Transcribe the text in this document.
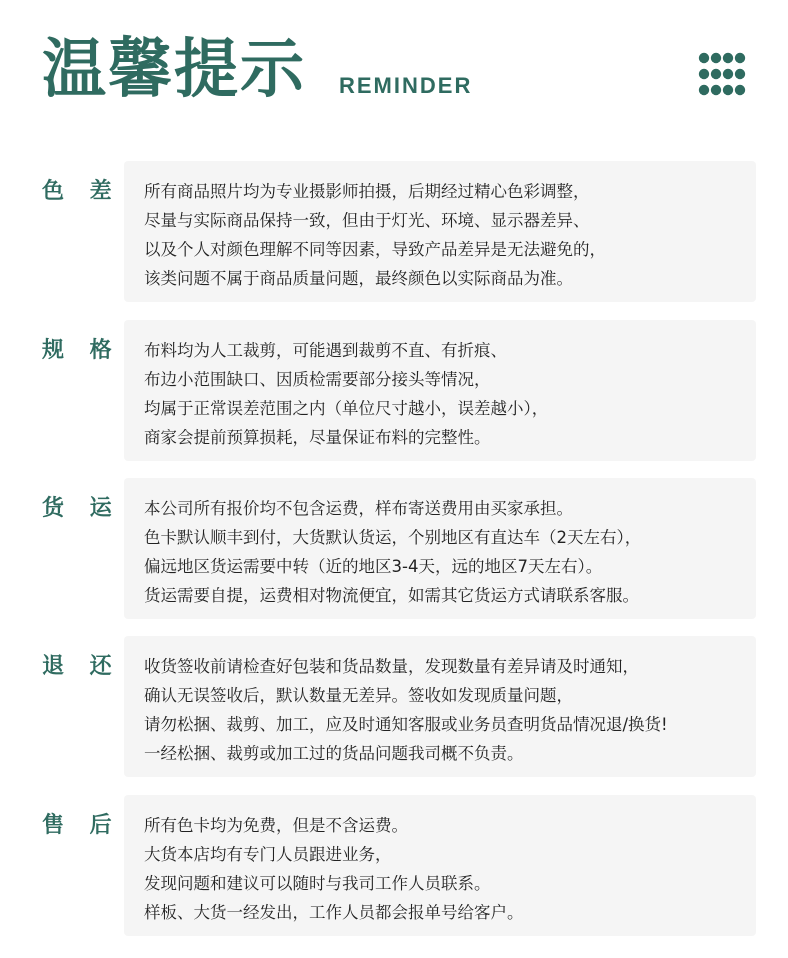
温馨提示 REMINDER
色 差 所有商品照片均为专业摄影师拍摄，后期经过精心色彩调整，
尽量与实际商品保持一致，但由于灯光、环境、显示器差异、
以及个人对颜色理解不同等因素，导致产品差异是无法避免的，
该类问题不属于商品质量问题，最终颜色以实际商品为准。
规 格 布料均为人工裁剪，可能遇到裁剪不直、有折痕、
布边小范围缺口、因质检需要部分接头等情况，
均属于正常误差范围之内（单位尺寸越小，误差越小），
商家会提前预算损耗，尽量保证布料的完整性。
货 运 本公司所有报价均不包含运费，样布寄送费用由买家承担。
色卡默认顺丰到付，大货默认货运，个别地区有直达车（2天左右），
偏远地区货运需要中转（近的地区3-4天，远的地区7天左右）。
货运需要自提，运费相对物流便宜，如需其它货运方式请联系客服。
退 还 收货签收前请检查好包装和货品数量，发现数量有差异请及时通知，
确认无误签收后，默认数量无差异。签收如发现质量问题，
请勿松捆、裁剪、加工，应及时通知客服或业务员查明货品情况退/换货!
一经松捆、裁剪或加工过的货品问题我司概不负责。
售 后 所有色卡均为免费，但是不含运费。
大货本店均有专门人员跟进业务，
发现问题和建议可以随时与我司工作人员联系。
样板、大货一经发出，工作人员都会报单号给客户。
